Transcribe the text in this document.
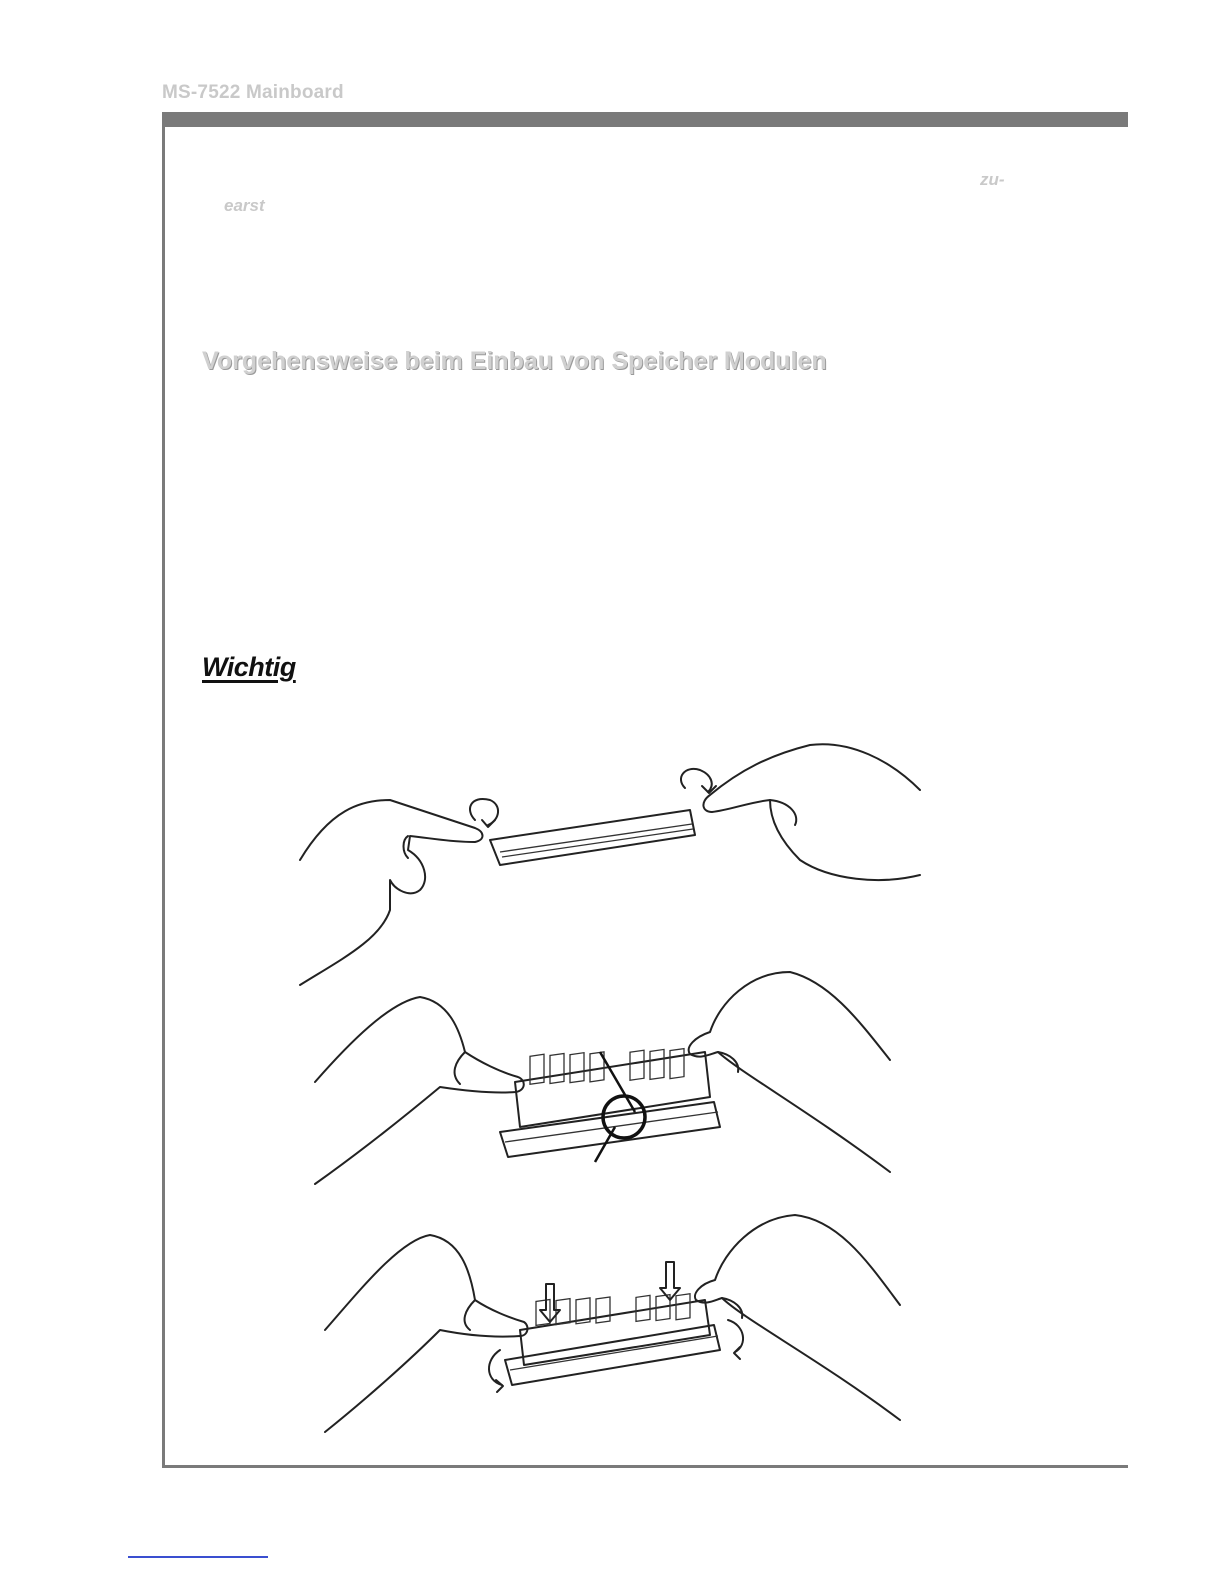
MS-7522 Mainboard
zu-
earst
Vorgehensweise beim Einbau von Speicher Modulen
Wichtig
